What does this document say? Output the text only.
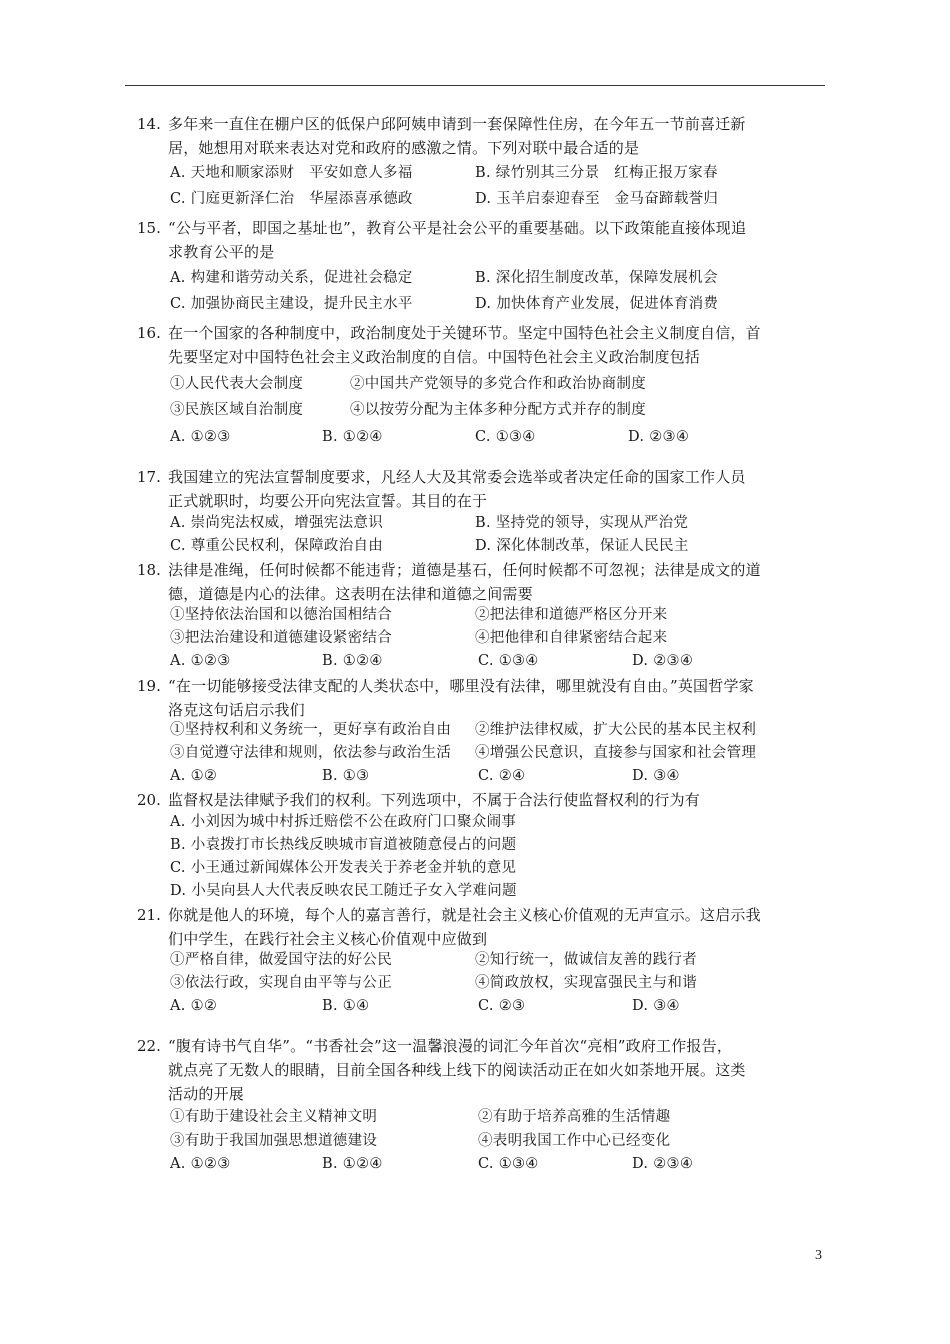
14. 多年来一直住在棚户区的低保户邱阿姨申请到一套保障性住房，在今年五一节前喜迁新
居，她想用对联来表达对党和政府的感激之情。下列对联中最合适的是
A. 天地和顺家添财　平安如意人多福	B. 绿竹别其三分景　红梅正报万家春
C. 门庭更新泽仁治　华屋添喜承德政	D. 玉羊启泰迎春至　金马奋蹄载誉归
15. “公与平者，即国之基址也”，教育公平是社会公平的重要基础。以下政策能直接体现追
求教育公平的是
A. 构建和谐劳动关系，促进社会稳定	B. 深化招生制度改革，保障发展机会
C. 加强协商民主建设，提升民主水平	D. 加快体育产业发展，促进体育消费
16. 在一个国家的各种制度中，政治制度处于关键环节。坚定中国特色社会主义制度自信，首
先要坚定对中国特色社会主义政治制度的自信。中国特色社会主义政治制度包括
①人民代表大会制度	②中国共产党领导的多党合作和政治协商制度
③民族区域自治制度	④以按劳分配为主体多种分配方式并存的制度
A. ①②③	B. ①②④	C. ①③④	D. ②③④
17. 我国建立的宪法宣誓制度要求，凡经人大及其常委会选举或者决定任命的国家工作人员
正式就职时，均要公开向宪法宣誓。其目的在于
A. 崇尚宪法权威，增强宪法意识	B. 坚持党的领导，实现从严治党
C. 尊重公民权利，保障政治自由	D. 深化体制改革，保证人民民主
18. 法律是准绳，任何时候都不能违背；道德是基石，任何时候都不可忽视；法律是成文的道
德，道德是内心的法律。这表明在法律和道德之间需要
①坚持依法治国和以德治国相结合	②把法律和道德严格区分开来
③把法治建设和道德建设紧密结合	④把他律和自律紧密结合起来
A. ①②③	B. ①②④	C. ①③④	D. ②③④
19. “在一切能够接受法律支配的人类状态中，哪里没有法律，哪里就没有自由。”英国哲学家
洛克这句话启示我们
①坚持权利和义务统一，更好享有政治自由 ②维护法律权威，扩大公民的基本民主权利
③自觉遵守法律和规则，依法参与政治生活 ④增强公民意识，直接参与国家和社会管理
A. ①②	B. ①③	C. ②④	D. ③④
20. 监督权是法律赋予我们的权利。下列选项中，不属于合法行使监督权利的行为有
A. 小刘因为城中村拆迁赔偿不公在政府门口聚众闹事
B. 小袁拨打市长热线反映城市盲道被随意侵占的问题
C. 小王通过新闻媒体公开发表关于养老金并轨的意见
D. 小吴向县人大代表反映农民工随迁子女入学难问题
21. 你就是他人的环境，每个人的嘉言善行，就是社会主义核心价值观的无声宣示。这启示我
们中学生，在践行社会主义核心价值观中应做到
①严格自律，做爱国守法的好公民	②知行统一，做诚信友善的践行者
③依法行政，实现自由平等与公正	④简政放权，实现富强民主与和谐
A. ①②	B. ①④	C. ②③	D. ③④
22. “腹有诗书气自华”。“书香社会”这一温馨浪漫的词汇今年首次“亮相”政府工作报告，
就点亮了无数人的眼睛，目前全国各种线上线下的阅读活动正在如火如荼地开展。这类
活动的开展
①有助于建设社会主义精神文明	②有助于培养高雅的生活情趣
③有助于我国加强思想道德建设	④表明我国工作中心已经变化
A. ①②③	B. ①②④	C. ①③④	D. ②③④
3
